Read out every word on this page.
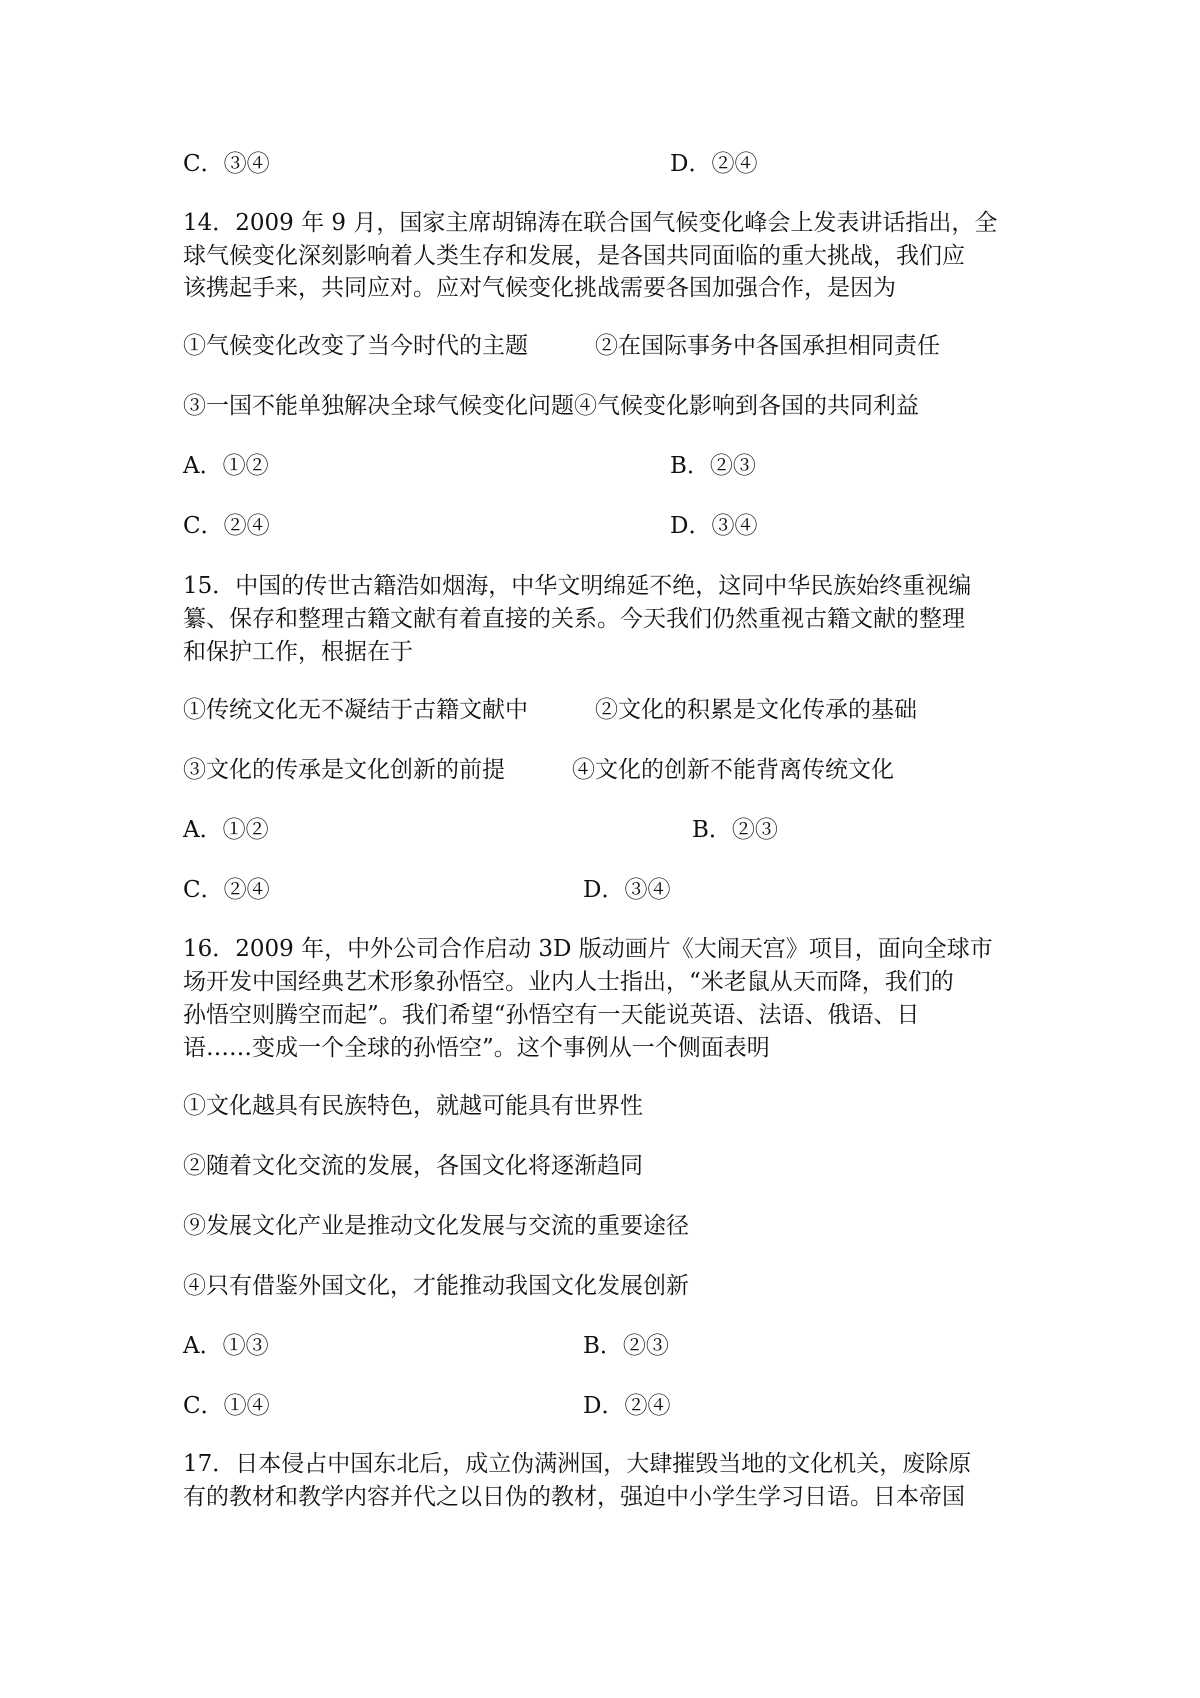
C．③④	D．②④
14．2009 年 9 月，国家主席胡锦涛在联合国气候变化峰会上发表讲话指出，全
球气候变化深刻影响着人类生存和发展，是各国共同面临的重大挑战，我们应
该携起手来，共同应对。应对气候变化挑战需要各国加强合作，是因为
①气候变化改变了当今时代的主题	②在国际事务中各国承担相同责任
③一国不能单独解决全球气候变化问题④气候变化影响到各国的共同利益
A．①②	B．②③
C．②④	D．③④
15．中国的传世古籍浩如烟海，中华文明绵延不绝，这同中华民族始终重视编
纂、保存和整理古籍文献有着直接的关系。今天我们仍然重视古籍文献的整理
和保护工作，根据在于
①传统文化无不凝结于古籍文献中	②文化的积累是文化传承的基础
③文化的传承是文化创新的前提	④文化的创新不能背离传统文化
A．①②	B．②③
C．②④	D．③④
16．2009 年，中外公司合作启动 3D 版动画片《大闹天宫》项目，面向全球市
场开发中国经典艺术形象孙悟空。业内人士指出，“米老鼠从天而降，我们的
孙悟空则腾空而起”。我们希望“孙悟空有一天能说英语、法语、俄语、日
语……变成一个全球的孙悟空”。这个事例从一个侧面表明
①文化越具有民族特色，就越可能具有世界性
②随着文化交流的发展，各国文化将逐渐趋同
⑨发展文化产业是推动文化发展与交流的重要途径
④只有借鉴外国文化，才能推动我国文化发展创新
A．①③	B．②③
C．①④	D．②④
17．日本侵占中国东北后，成立伪满洲国，大肆摧毁当地的文化机关，废除原
有的教材和教学内容并代之以日伪的教材，强迫中小学生学习日语。日本帝国
